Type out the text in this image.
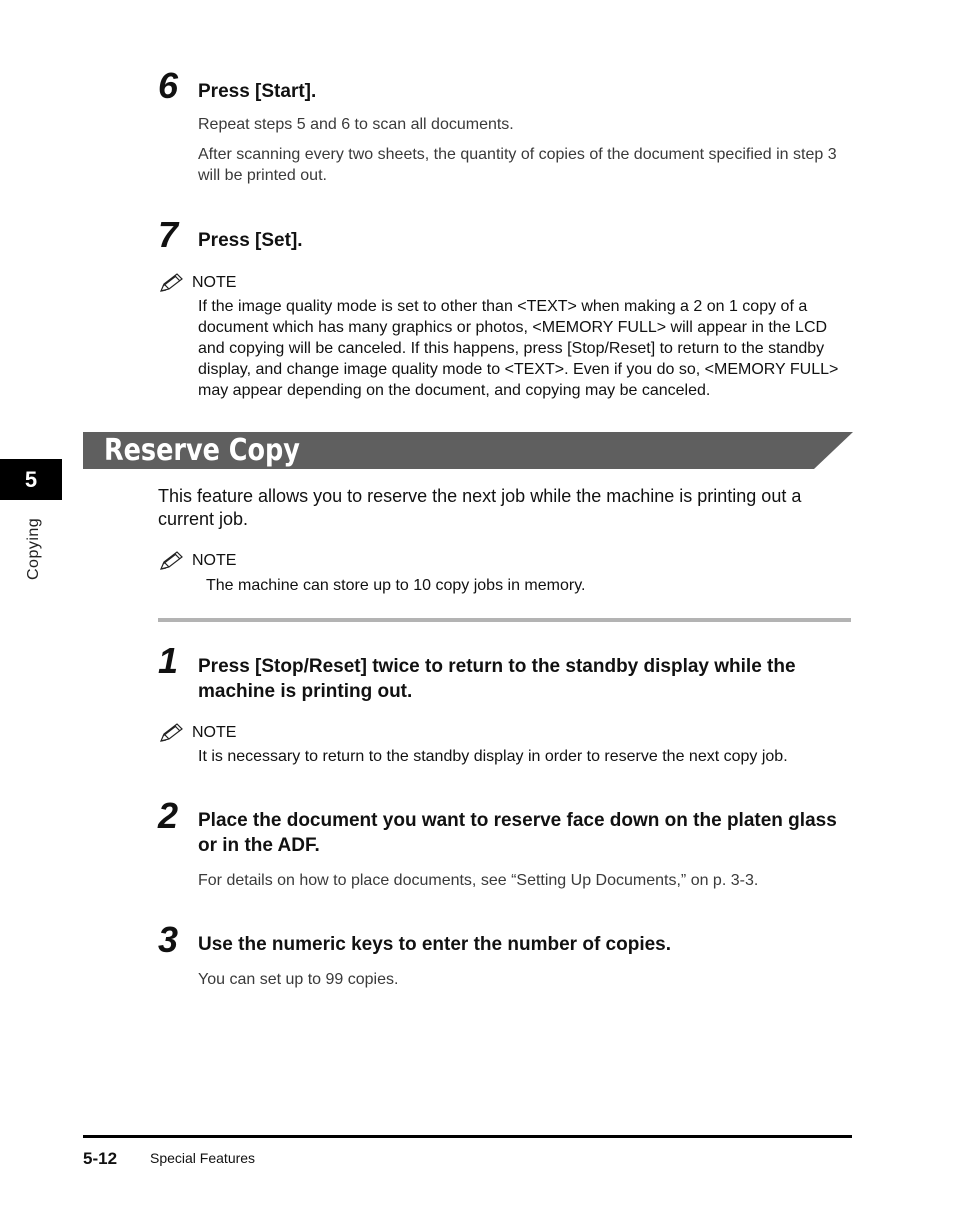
6 Press [Start].
Repeat steps 5 and 6 to scan all documents.
After scanning every two sheets, the quantity of copies of the document specified in step 3 will be printed out.
7 Press [Set].
NOTE
If the image quality mode is set to other than <TEXT> when making a 2 on 1 copy of a document which has many graphics or photos, <MEMORY FULL> will appear in the LCD and copying will be canceled. If this happens, press [Stop/Reset] to return to the standby display, and change image quality mode to <TEXT>. Even if you do so, <MEMORY FULL> may appear depending on the document, and copying may be canceled.
Reserve Copy
5
Copying
This feature allows you to reserve the next job while the machine is printing out a current job.
NOTE
The machine can store up to 10 copy jobs in memory.
1 Press [Stop/Reset] twice to return to the standby display while the machine is printing out.
NOTE
It is necessary to return to the standby display in order to reserve the next copy job.
2 Place the document you want to reserve face down on the platen glass or in the ADF.
For details on how to place documents, see “Setting Up Documents,” on p. 3-3.
3 Use the numeric keys to enter the number of copies.
You can set up to 99 copies.
5-12 Special Features
